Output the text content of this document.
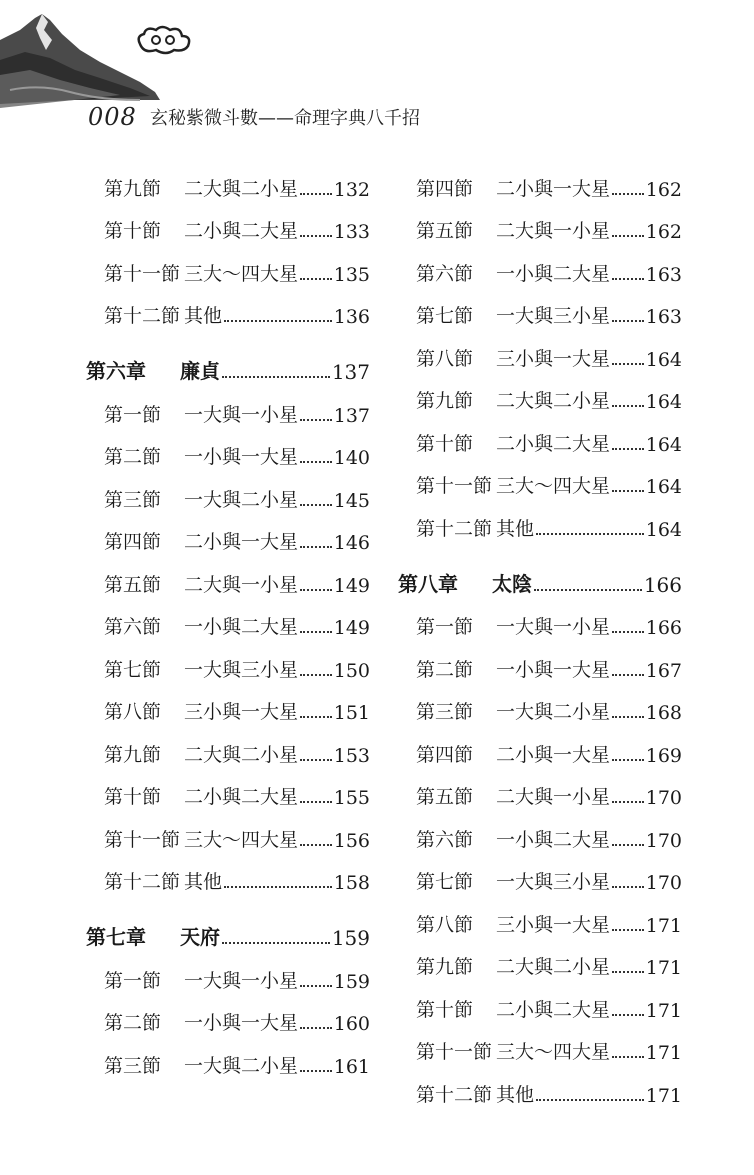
008 玄秘紫微斗數——命理字典八千招
第九節	二大與二小星 132
第十節	二小與二大星 133
第十一節 三大～四大星 135
第十二節 其他	136
第六章	廉貞	137
第一節	一大與一小星 137
第二節	一小與一大星 140
第三節	一大與二小星 145
第四節	二小與一大星 146
第五節	二大與一小星 149
第六節	一小與二大星 149
第七節	一大與三小星 150
第八節	三小與一大星 151
第九節	二大與二小星 153
第十節	二小與二大星 155
第十一節 三大～四大星 156
第十二節 其他	158
第七章	天府	159
第一節	一大與一小星 159
第二節	一小與一大星 160
第三節	一大與二小星 161
第四節	二小與一大星 162
第五節	二大與一小星 162
第六節	一小與二大星 163
第七節	一大與三小星 163
第八節	三小與一大星 164
第九節	二大與二小星 164
第十節	二小與二大星 164
第十一節 三大～四大星 164
第十二節 其他	164
第八章	太陰	166
第一節	一大與一小星 166
第二節	一小與一大星 167
第三節	一大與二小星 168
第四節	二小與一大星 169
第五節	二大與一小星 170
第六節	一小與二大星 170
第七節	一大與三小星 170
第八節	三小與一大星 171
第九節	二大與二小星 171
第十節	二小與二大星 171
第十一節 三大～四大星 171
第十二節 其他	171
